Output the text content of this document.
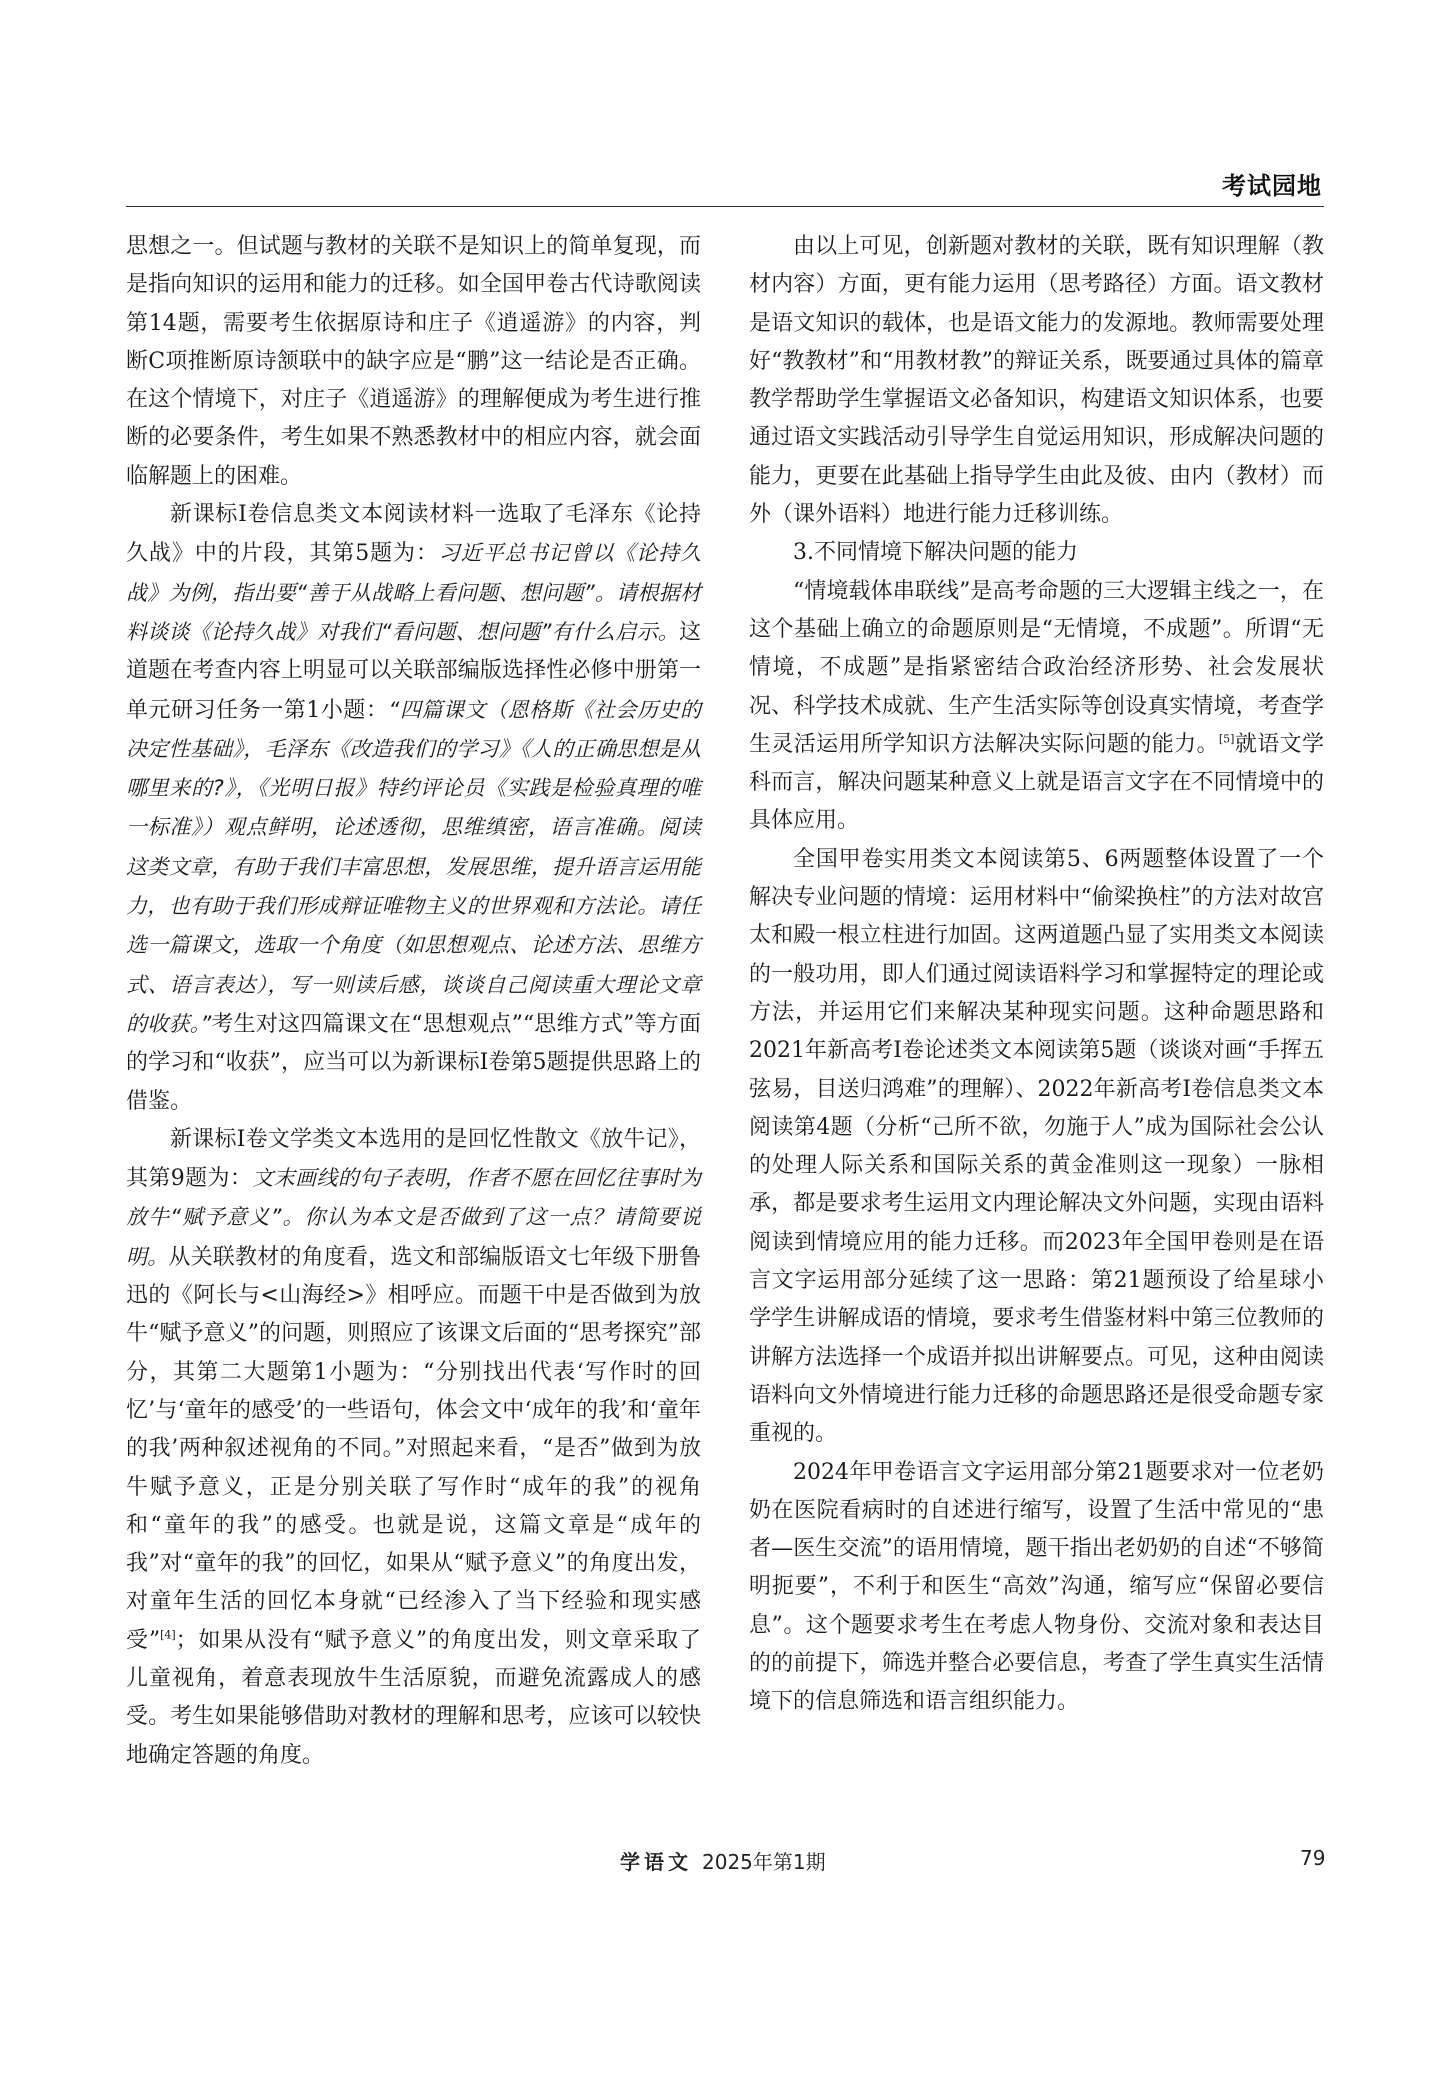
考试园地

思想之一。但试题与教材的关联不是知识上的简单复现，而是指向知识的运用和能力的迁移。如全国甲卷古代诗歌阅读第14题，需要考生依据原诗和庄子《逍遥游》的内容，判断C项推断原诗颔联中的缺字应是“鹏”这一结论是否正确。在这个情境下，对庄子《逍遥游》的理解便成为考生进行推断的必要条件，考生如果不熟悉教材中的相应内容，就会面临解题上的困难。

新课标Ⅰ卷信息类文本阅读材料一选取了毛泽东《论持久战》中的片段，其第5题为：习近平总书记曾以《论持久战》为例，指出要“善于从战略上看问题、想问题”。请根据材料谈谈《论持久战》对我们“看问题、想问题”有什么启示。这道题在考查内容上明显可以关联部编版选择性必修中册第一单元研习任务一第1小题：“四篇课文（恩格斯《社会历史的决定性基础》，毛泽东《改造我们的学习》《人的正确思想是从哪里来的?》，《光明日报》特约评论员《实践是检验真理的唯一标准》）观点鲜明，论述透彻，思维缜密，语言准确。阅读这类文章，有助于我们丰富思想，发展思维，提升语言运用能力，也有助于我们形成辩证唯物主义的世界观和方法论。请任选一篇课文，选取一个角度（如思想观点、论述方法、思维方式、语言表达），写一则读后感，谈谈自己阅读重大理论文章的收获。”考生对这四篇课文在“思想观点”“思维方式”等方面的学习和“收获”，应当可以为新课标Ⅰ卷第5题提供思路上的借鉴。

新课标Ⅰ卷文学类文本选用的是回忆性散文《放牛记》，其第9题为：文末画线的句子表明，作者不愿在回忆往事时为放牛“赋予意义”。你认为本文是否做到了这一点？请简要说明。从关联教材的角度看，选文和部编版语文七年级下册鲁迅的《阿长与<山海经>》相呼应。而题干中是否做到为放牛“赋予意义”的问题，则照应了该课文后面的“思考探究”部分，其第二大题第1小题为：“分别找出代表‘写作时的回忆’与‘童年的感受’的一些语句，体会文中‘成年的我’和‘童年的我’两种叙述视角的不同。”对照起来看，“是否”做到为放牛赋予意义，正是分别关联了写作时“成年的我”的视角和“童年的我”的感受。也就是说，这篇文章是“成年的我”对“童年的我”的回忆，如果从“赋予意义”的角度出发，对童年生活的回忆本身就“已经渗入了当下经验和现实感受”[4]；如果从没有“赋予意义”的角度出发，则文章采取了儿童视角，着意表现放牛生活原貌，而避免流露成人的感受。考生如果能够借助对教材的理解和思考，应该可以较快地确定答题的角度。

由以上可见，创新题对教材的关联，既有知识理解（教材内容）方面，更有能力运用（思考路径）方面。语文教材是语文知识的载体，也是语文能力的发源地。教师需要处理好“教教材”和“用教材教”的辩证关系，既要通过具体的篇章教学帮助学生掌握语文必备知识，构建语文知识体系，也要通过语文实践活动引导学生自觉运用知识，形成解决问题的能力，更要在此基础上指导学生由此及彼、由内（教材）而外（课外语料）地进行能力迁移训练。

3.不同情境下解决问题的能力

“情境载体串联线”是高考命题的三大逻辑主线之一，在这个基础上确立的命题原则是“无情境，不成题”。所谓“无情境，不成题”是指紧密结合政治经济形势、社会发展状况、科学技术成就、生产生活实际等创设真实情境，考查学生灵活运用所学知识方法解决实际问题的能力。[5]就语文学科而言，解决问题某种意义上就是语言文字在不同情境中的具体应用。

全国甲卷实用类文本阅读第5、6两题整体设置了一个解决专业问题的情境：运用材料中“偷梁换柱”的方法对故宫太和殿一根立柱进行加固。这两道题凸显了实用类文本阅读的一般功用，即人们通过阅读语料学习和掌握特定的理论或方法，并运用它们来解决某种现实问题。这种命题思路和2021年新高考Ⅰ卷论述类文本阅读第5题（谈谈对画“手挥五弦易，目送归鸿难”的理解）、2022年新高考Ⅰ卷信息类文本阅读第4题（分析“己所不欲，勿施于人”成为国际社会公认的处理人际关系和国际关系的黄金准则这一现象）一脉相承，都是要求考生运用文内理论解决文外问题，实现由语料阅读到情境应用的能力迁移。而2023年全国甲卷则是在语言文字运用部分延续了这一思路：第21题预设了给星球小学学生讲解成语的情境，要求考生借鉴材料中第三位教师的讲解方法选择一个成语并拟出讲解要点。可见，这种由阅读语料向文外情境进行能力迁移的命题思路还是很受命题专家重视的。

2024年甲卷语言文字运用部分第21题要求对一位老奶奶在医院看病时的自述进行缩写，设置了生活中常见的“患者—医生交流”的语用情境，题干指出老奶奶的自述“不够简明扼要”，不利于和医生“高效”沟通，缩写应“保留必要信息”。这个题要求考生在考虑人物身份、交流对象和表达目的的前提下，筛选并整合必要信息，考查了学生真实生活情境下的信息筛选和语言组织能力。

学语文 2025年第1期	79
